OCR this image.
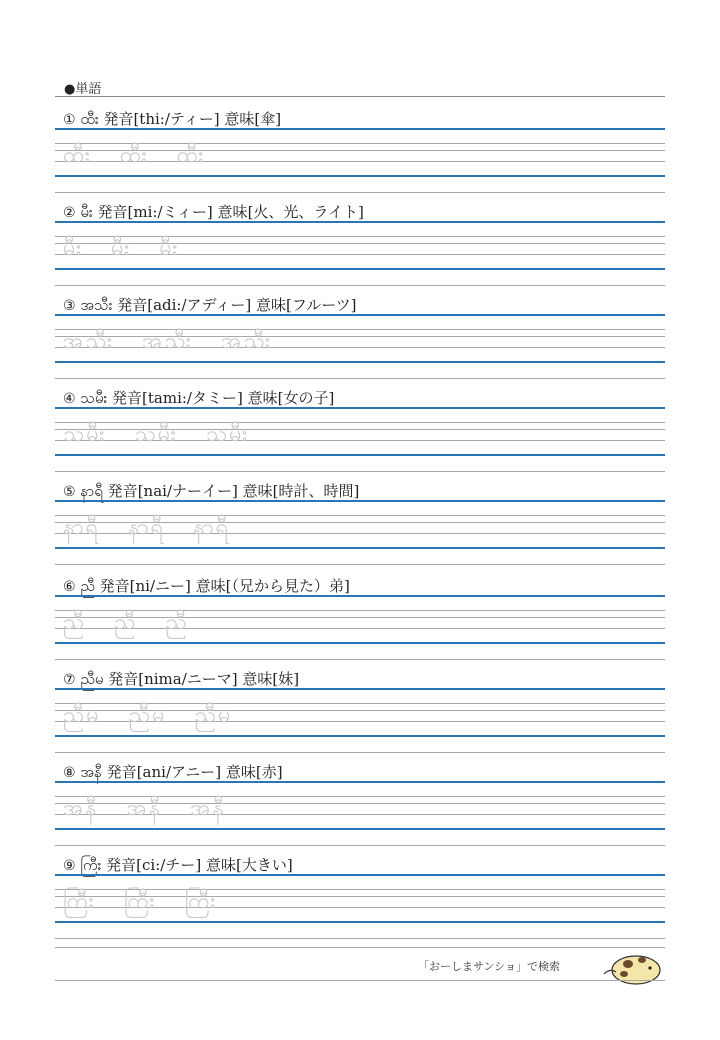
●単語
① ထီး 発音[thi:/ティー] 意味[傘]
ထီး ထီး ထီး
② မီး 発音[mi:/ミィー] 意味[火、光、ライト]
မီး မီး မီး
③ အသီး 発音[adi:/アディー] 意味[フルーツ]
အသီး အသီး အသီး
④ သမီး 発音[tami:/タミー] 意味[女の子]
သမီး သမီး သမီး
⑤ နာရီ 発音[nai/ナーイー] 意味[時計、時間]
နာရီ နာရီ နာရီ
⑥ ညီ 発音[ni/ニー] 意味[（兄から見た）弟]
ညီ ညီ ညီ
⑦ ညီမ 発音[nima/ニーマ] 意味[妹]
ညီမ ညီမ ညီမ
⑧ အနီ 発音[ani/アニー] 意味[赤]
အနီ အနီ အနီ
⑨ ကြီး 発音[ci:/チー] 意味[大きい]
ကြီး ကြီး ကြီး
「おーしまサンショ」で検索
